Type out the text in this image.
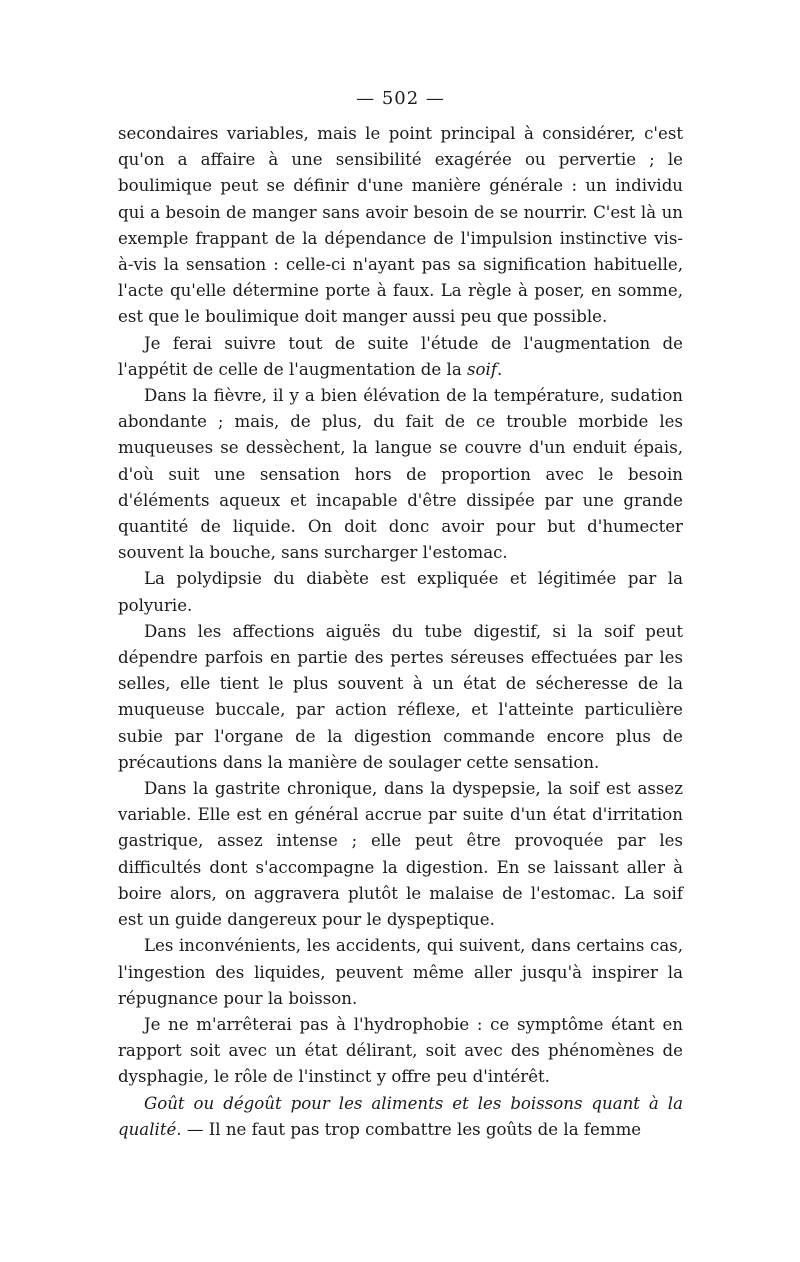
— 502 —

secondaires variables, mais le point principal à considérer, c'est qu'on a affaire à une sensibilité exagérée ou pervertie ; le boulimique peut se définir d'une manière générale : un individu qui a besoin de manger sans avoir besoin de se nourrir. C'est là un exemple frappant de la dépendance de l'impulsion instinctive vis-à-vis la sensation : celle-ci n'ayant pas sa signification habituelle, l'acte qu'elle détermine porte à faux. La règle à poser, en somme, est que le boulimique doit manger aussi peu que possible.

Je ferai suivre tout de suite l'étude de l'augmentation de l'appétit de celle de l'augmentation de la soif.

Dans la fièvre, il y a bien élévation de la température, sudation abondante ; mais, de plus, du fait de ce trouble morbide les muqueuses se dessèchent, la langue se couvre d'un enduit épais, d'où suit une sensation hors de proportion avec le besoin d'éléments aqueux et incapable d'être dissipée par une grande quantité de liquide. On doit donc avoir pour but d'humecter souvent la bouche, sans surcharger l'estomac.

La polydipsie du diabète est expliquée et légitimée par la polyurie.

Dans les affections aiguës du tube digestif, si la soif peut dépendre parfois en partie des pertes séreuses effectuées par les selles, elle tient le plus souvent à un état de sécheresse de la muqueuse buccale, par action réflexe, et l'atteinte particulière subie par l'organe de la digestion commande encore plus de précautions dans la manière de soulager cette sensation.

Dans la gastrite chronique, dans la dyspepsie, la soif est assez variable. Elle est en général accrue par suite d'un état d'irritation gastrique, assez intense ; elle peut être provoquée par les difficultés dont s'accompagne la digestion. En se laissant aller à boire alors, on aggravera plutôt le malaise de l'estomac. La soif est un guide dangereux pour le dyspeptique.

Les inconvénients, les accidents, qui suivent, dans certains cas, l'ingestion des liquides, peuvent même aller jusqu'à inspirer la répugnance pour la boisson.

Je ne m'arrêterai pas à l'hydrophobie : ce symptôme étant en rapport soit avec un état délirant, soit avec des phénomènes de dysphagie, le rôle de l'instinct y offre peu d'intérêt.

Goût ou dégoût pour les aliments et les boissons quant à la qualité. — Il ne faut pas trop combattre les goûts de la femme
